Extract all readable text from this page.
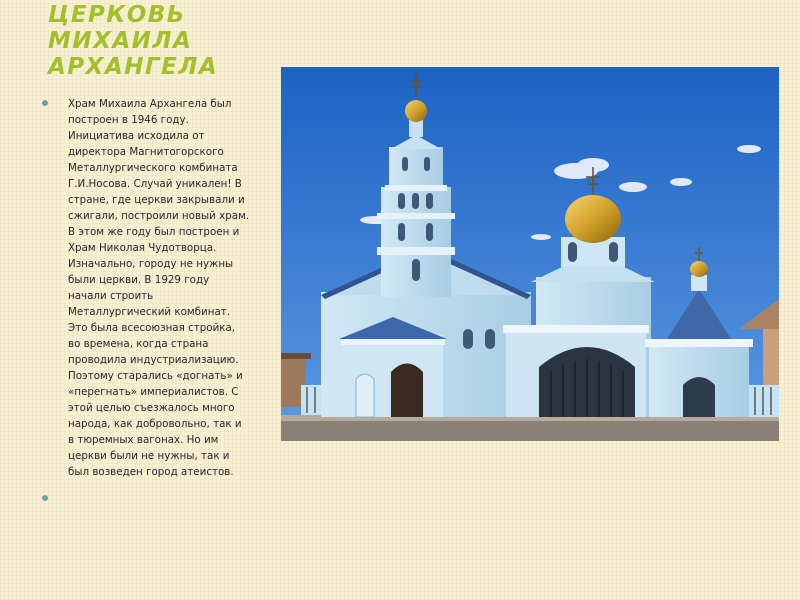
ЦЕРКОВЬ МИХАИЛА АРХАНГЕЛА
Храм Михаила Архангела был построен в 1946 году. Инициатива исходила от директора Магнитогорского Металлургического комбината Г.И.Носова. Случай уникален! В стране, где церкви закрывали и сжигали, построили новый храм. В этом же году был построен и Храм Николая Чудотворца. Изначально, городу не нужны были церкви. В 1929 году начали строить Металлургический комбинат. Это была всесоюзная стройка, во времена, когда страна проводила индустриализацию. Поэтому старались «догнать» и «перегнать» империалистов. С этой целью съезжалось много народа, как добровольно, так и в тюремных вагонах. Но им церкви были не нужны, так и был возведен город атеистов.
